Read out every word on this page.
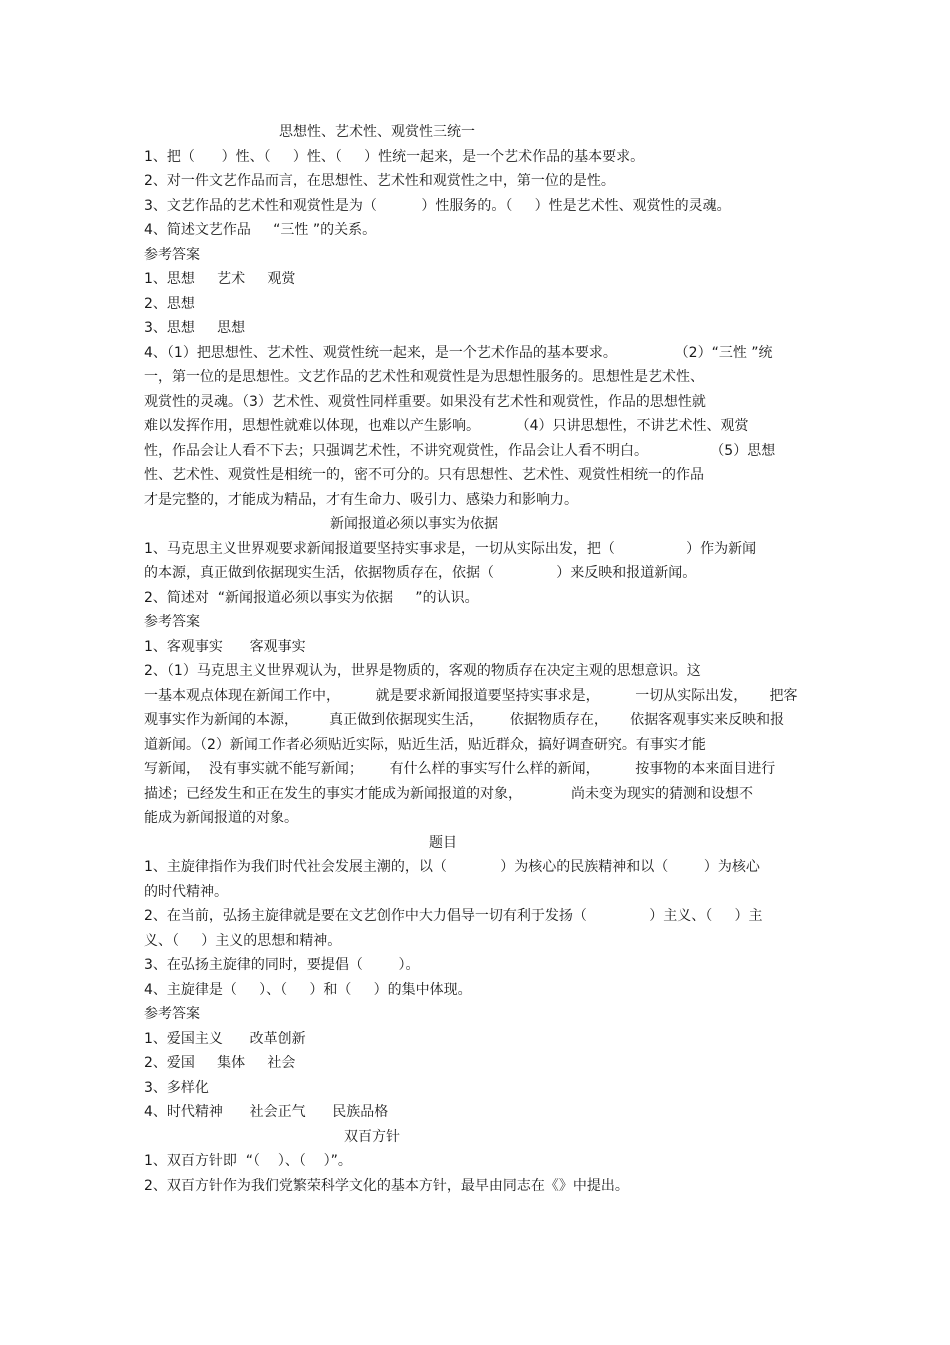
思想性、艺术性、观赏性三统一
1、把（      ）性、（     ）性、（     ）性统一起来，是一个艺术作品的基本要求。
2、对一件文艺作品而言，在思想性、艺术性和观赏性之中，第一位的是性。
3、文艺作品的艺术性和观赏性是为（          ）性服务的。（     ）性是艺术性、观赏性的灵魂。
4、简述文艺作品     “三性 ”的关系。
参考答案
1、思想     艺术     观赏
2、思想
3、思想     思想
4、（1）把思想性、艺术性、观赏性统一起来，是一个艺术作品的基本要求。             （2）“三性 ”统
一，第一位的是思想性。文艺作品的艺术性和观赏性是为思想性服务的。思想性是艺术性、
观赏性的灵魂。（3）艺术性、观赏性同样重要。如果没有艺术性和观赏性，作品的思想性就
难以发挥作用，思想性就难以体现，也难以产生影响。        （4）只讲思想性，不讲艺术性、观赏
性，作品会让人看不下去；只强调艺术性，不讲究观赏性，作品会让人看不明白。              （5）思想
性、艺术性、观赏性是相统一的，密不可分的。只有思想性、艺术性、观赏性相统一的作品
才是完整的，才能成为精品，才有生命力、吸引力、感染力和影响力。
新闻报道必须以事实为依据
1、马克思主义世界观要求新闻报道要坚持实事求是，一切从实际出发，把（                ）作为新闻
的本源，真正做到依据现实生活，依据物质存在，依据（              ）来反映和报道新闻。
2、简述对  “新闻报道必须以事实为依据     ”的认识。
参考答案
1、客观事实      客观事实
2、（1）马克思主义世界观认为，世界是物质的，客观的物质存在决定主观的思想意识。这
一基本观点体现在新闻工作中，        就是要求新闻报道要坚持实事求是，        一切从实际出发，     把客
观事实作为新闻的本源，       真正做到依据现实生活，      依据物质存在，     依据客观事实来反映和报
道新闻。（2）新闻工作者必须贴近实际，贴近生活，贴近群众，搞好调查研究。有事实才能
写新闻，  没有事实就不能写新闻；      有什么样的事实写什么样的新闻，        按事物的本来面目进行
描述；已经发生和正在发生的事实才能成为新闻报道的对象，           尚未变为现实的猜测和设想不
能成为新闻报道的对象。
题目
1、主旋律指作为我们时代社会发展主潮的，以（            ）为核心的民族精神和以（        ）为核心
的时代精神。
2、在当前，弘扬主旋律就是要在文艺创作中大力倡导一切有利于发扬（              ）主义、（     ）主
义、（     ）主义的思想和精神。
3、在弘扬主旋律的同时，要提倡（        ）。
4、主旋律是（     ）、（     ）和（     ）的集中体现。
参考答案
1、爱国主义      改革创新
2、爱国     集体     社会
3、多样化
4、时代精神      社会正气      民族品格
双百方针
1、双百方针即  “（    ）、（    ）”。
2、双百方针作为我们党繁荣科学文化的基本方针，最早由同志在《》中提出。
